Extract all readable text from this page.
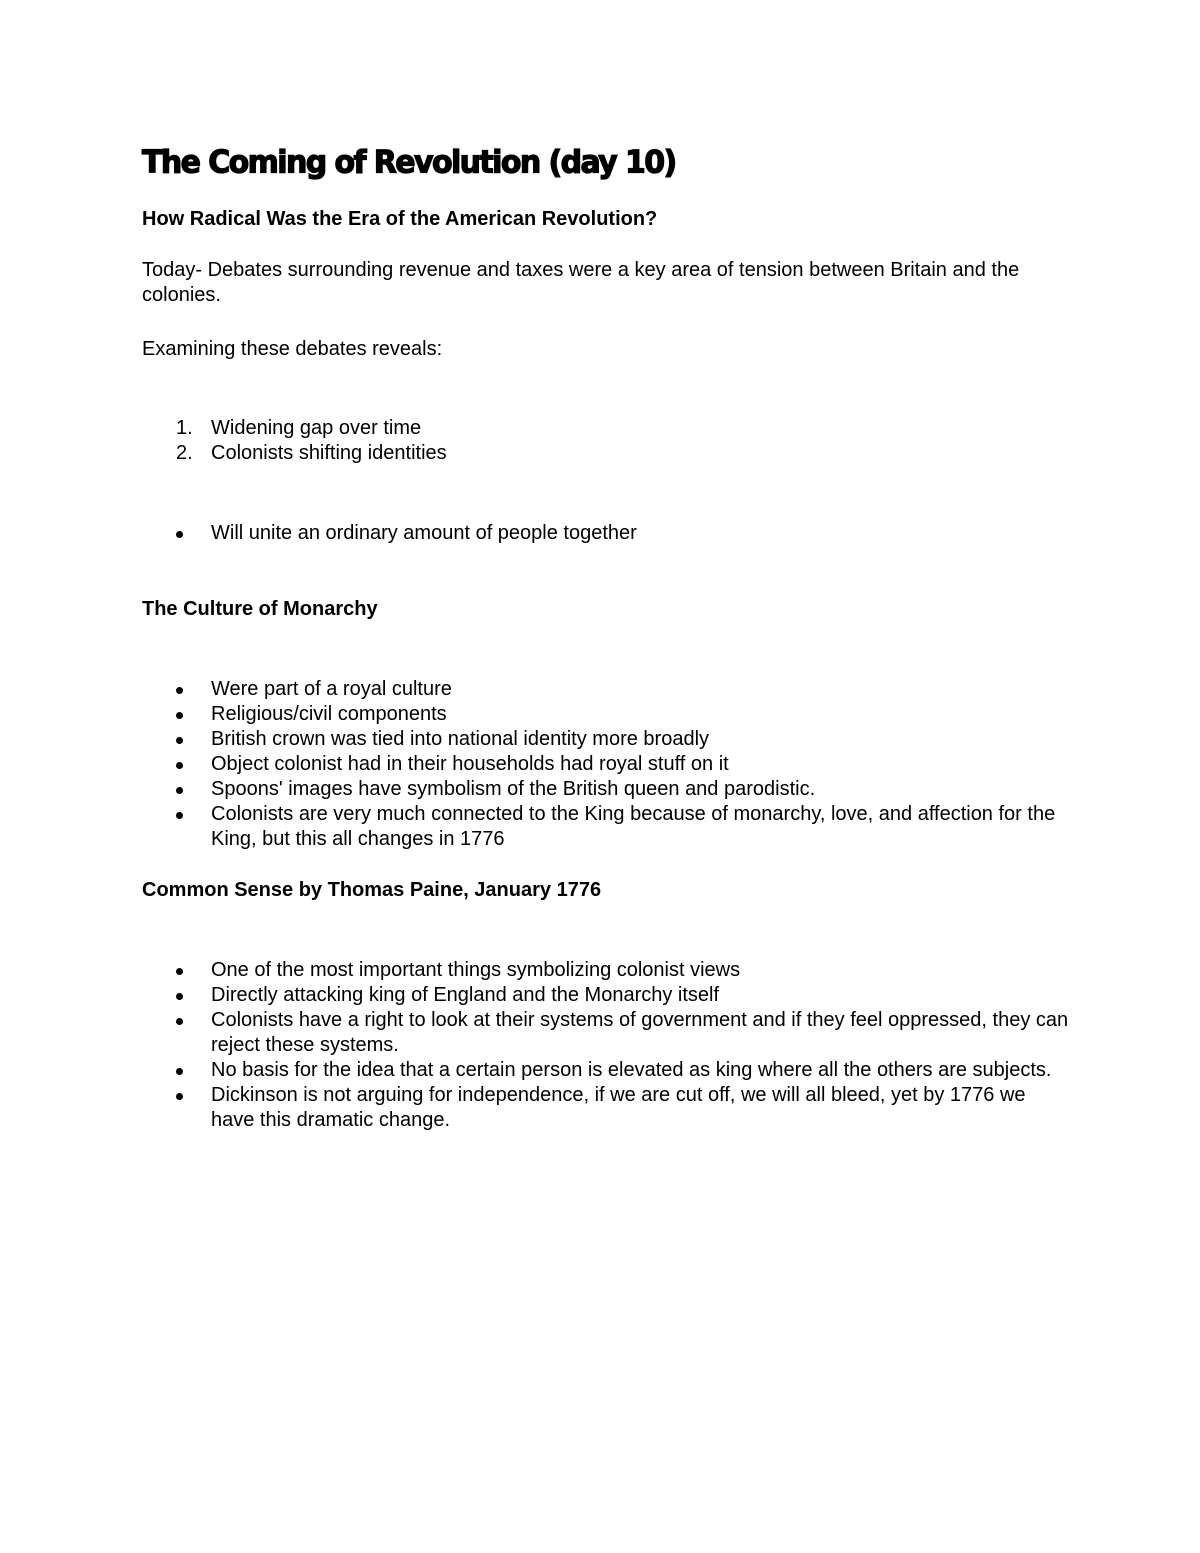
The Coming of Revolution (day 10)
How Radical Was the Era of the American Revolution?

Today- Debates surrounding revenue and taxes were a key area of tension between Britain and the colonies.

Examining these debates reveals:

1. Widening gap over time
2. Colonists shifting identities
Will unite an ordinary amount of people together
The Culture of Monarchy
Were part of a royal culture
Religious/civil components
British crown was tied into national identity more broadly
Object colonist had in their households had royal stuff on it
Spoons' images have symbolism of the British queen and parodistic.
Colonists are very much connected to the King because of monarchy, love, and affection for the King, but this all changes in 1776
Common Sense by Thomas Paine, January 1776
One of the most important things symbolizing colonist views
Directly attacking king of England and the Monarchy itself
Colonists have a right to look at their systems of government and if they feel oppressed, they can reject these systems.
No basis for the idea that a certain person is elevated as king where all the others are subjects.
Dickinson is not arguing for independence, if we are cut off, we will all bleed, yet by 1776 we have this dramatic change.
